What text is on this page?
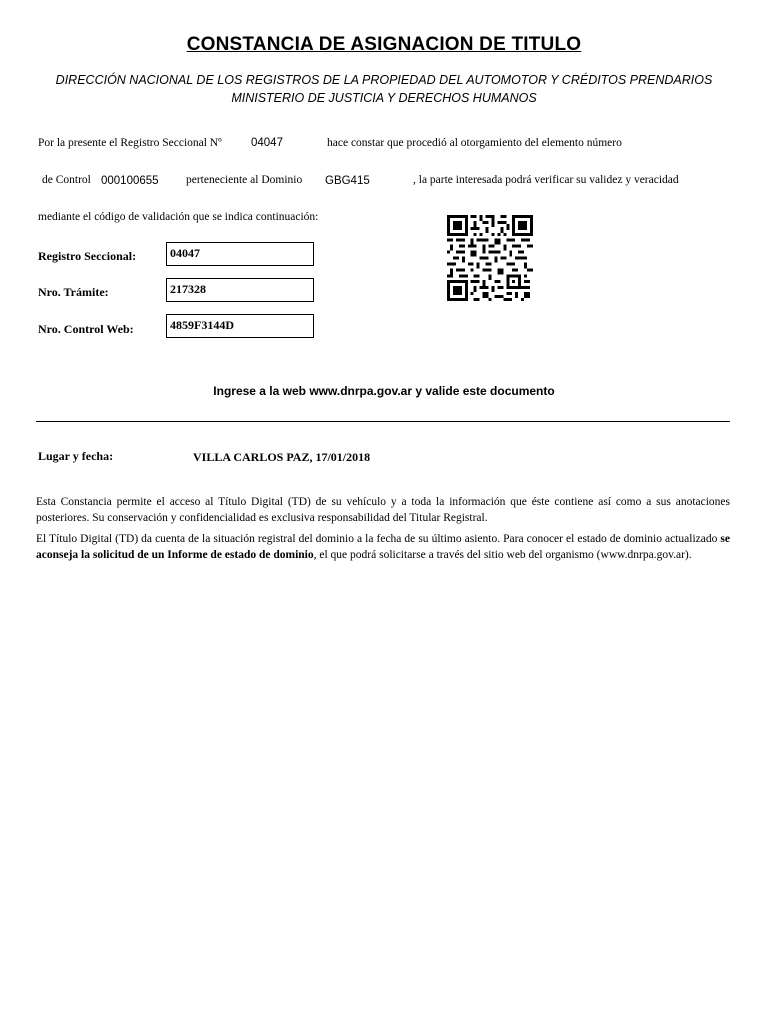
CONSTANCIA DE ASIGNACION DE TITULO
DIRECCIÓN NACIONAL DE LOS REGISTROS DE LA PROPIEDAD DEL AUTOMOTOR Y CRÉDITOS PRENDARIOS
MINISTERIO DE JUSTICIA Y DERECHOS HUMANOS
Por la presente el Registro Seccional Nº	04047	hace constar que procedió al otorgamiento del elemento número
de Control 000100655 perteneciente al Dominio GBG415	, la parte interesada podrá verificar su validez y veracidad
mediante el código de validación que se indica continuación:
Registro Seccional:	04047
Nro. Trámite:	217328
Nro. Control Web:	4859F3144D
Ingrese a la web www.dnrpa.gov.ar y valide este documento
Lugar y fecha:	VILLA CARLOS PAZ, 17/01/2018
Esta Constancia permite el acceso al Título Digital (TD) de su vehículo y a toda la información que éste contiene así como a sus anotaciones posteriores. Su conservación y confidencialidad es exclusiva responsabilidad del Titular Registral.
El Título Digital (TD) da cuenta de la situación registral del dominio a la fecha de su último asiento. Para conocer el estado de dominio actualizado se aconseja la solicitud de un Informe de estado de dominio, el que podrá solicitarse a través del sitio web del organismo (www.dnrpa.gov.ar).
